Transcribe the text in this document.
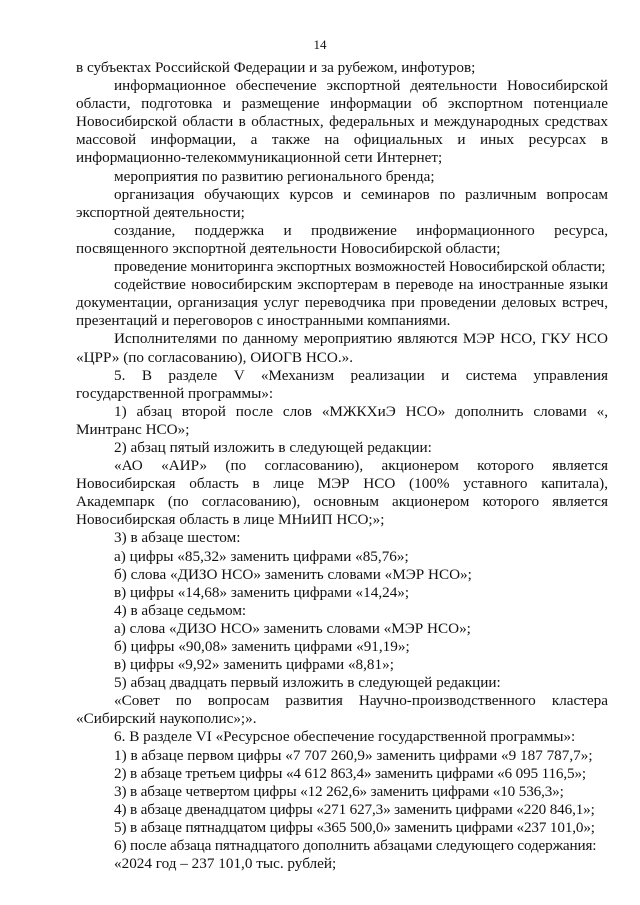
14

в субъектах Российской Федерации и за рубежом, инфотуров;

информационное обеспечение экспортной деятельности Новосибирской области, подготовка и размещение информации об экспортном потенциале Новосибирской области в областных, федеральных и международных средствах массовой информации, а также на официальных и иных ресурсах в информационно-телекоммуникационной сети Интернет;

мероприятия по развитию регионального бренда;

организация обучающих курсов и семинаров по различным вопросам экспортной деятельности;

создание, поддержка и продвижение информационного ресурса, посвященного экспортной деятельности Новосибирской области;

проведение мониторинга экспортных возможностей Новосибирской области;

содействие новосибирским экспортерам в переводе на иностранные языки документации, организация услуг переводчика при проведении деловых встреч, презентаций и переговоров с иностранными компаниями.

Исполнителями по данному мероприятию являются МЭР НСО, ГКУ НСО «ЦРР» (по согласованию), ОИОГВ НСО.».

5. В разделе V «Механизм реализации и система управления государственной программы»:

1) абзац второй после слов «МЖКХиЭ НСО» дополнить словами «, Минтранс НСО»;

2) абзац пятый изложить в следующей редакции:

«АО «АИР» (по согласованию), акционером которого является Новосибирская область в лице МЭР НСО (100% уставного капитала), Академпарк (по согласованию), основным акционером которого является Новосибирская область в лице МНиИП НСО;»;

3) в абзаце шестом:

а) цифры «85,32» заменить цифрами «85,76»;

б) слова «ДИЗО НСО» заменить словами «МЭР НСО»;

в) цифры «14,68» заменить цифрами «14,24»;

4) в абзаце седьмом:

а) слова «ДИЗО НСО» заменить словами «МЭР НСО»;

б) цифры «90,08» заменить цифрами «91,19»;

в) цифры «9,92» заменить цифрами «8,81»;

5) абзац двадцать первый изложить в следующей редакции:

«Совет по вопросам развития Научно-производственного кластера «Сибирский наукополис»;».

6. В разделе VI «Ресурсное обеспечение государственной программы»:

1) в абзаце первом цифры «7 707 260,9» заменить цифрами «9 187 787,7»;

2) в абзаце третьем цифры «4 612 863,4» заменить цифрами «6 095 116,5»;

3) в абзаце четвертом цифры «12 262,6» заменить цифрами «10 536,3»;

4) в абзаце двенадцатом цифры «271 627,3» заменить цифрами «220 846,1»;

5) в абзаце пятнадцатом цифры «365 500,0» заменить цифрами «237 101,0»;

6) после абзаца пятнадцатого дополнить абзацами следующего содержания:

«2024 год – 237 101,0 тыс. рублей;
